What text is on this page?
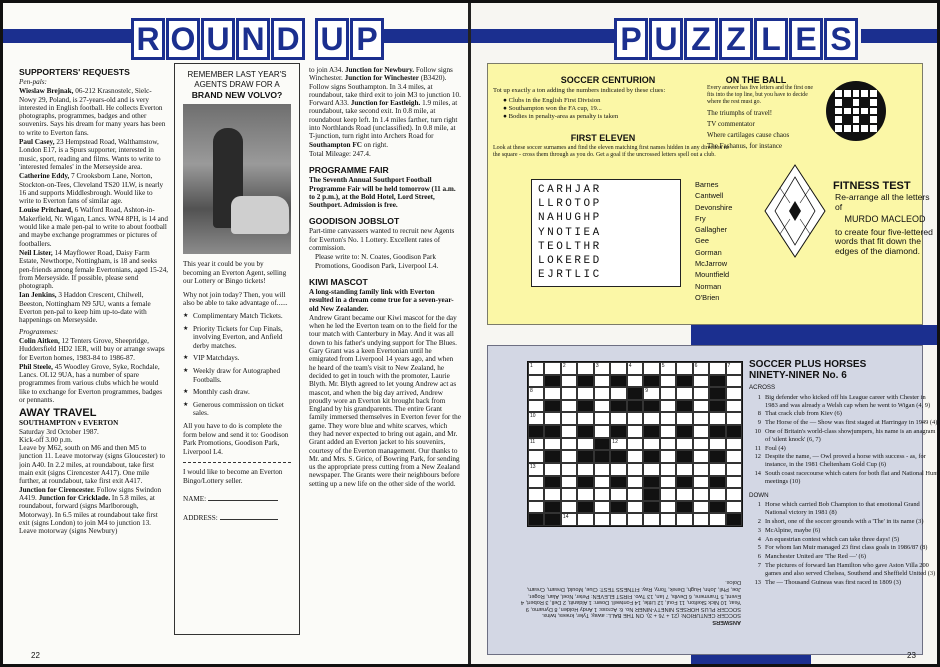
R O U N D U P
SUPPORTERS' REQUESTS

Pen-pals:

Wieslaw Brejnak, 06-212 Krasnostelc, Sielc-Nowy 29, Poland, is 27-years-old and is very interested in English football. He collects Everton photographs, programmes, badges and other souvenirs. Says his dream for many years has been to write to Everton fans.

Paul Casey, 23 Hempstead Road, Walthamstow, London E17, is a Spurs supporter, interested in music, sport, reading and films. Wants to write to 'interested females' in the Merseyside area.

Catherine Eddy, 7 Crooksborn Lane, Norton, Stockton-on-Tees, Cleveland TS20 1LW, is nearly 16 and supports Middlesbrough. Would like to write to Everton fans of similar age.

Louise Pritchard, 6 Walford Road, Ashton-in-Makerfield, Nr. Wigan, Lancs. WN4 8PH, is 14 and would like a male pen-pal to write to about football and maybe exchange programmes or pictures of footballers.

Neil Lister, 14 Mayflower Road, Daisy Farm Estate, Newthorpe, Nottingham, is 18 and seeks pen-friends among female Evertonians, aged 15-24, from Merseyside. If possible, please send photograph.

Ian Jenkins, 3 Haddon Crescent, Chilwell, Beeston, Nottingham N9 5JU, wants a female Everton pen-pal to keep him up-to-date with happenings on Merseyside.

Programmes:

Colin Aitken, 12 Tenters Grove, Sheepridge, Huddersfield HD2 1ER, will buy or arrange swaps for Everton homes, 1983-84 to 1986-87.

Phil Steele, 45 Woodley Grove, Syke, Rochdale, Lancs. OL12 9UA, has a number of spare programmes from various clubs which he would like to exchange for Everton programmes, badges or pennants.

AWAY TRAVEL

SOUTHAMPTON v EVERTON

Saturday 3rd October 1987.

Kick-off 3.00 p.m.

Leave by M62, south on M6 and then M5 to junction 11. Leave motorway (signs Gloucester) to join A40. In 2.2 miles, at roundabout, take first main exit (signs Cirencester A417). One mile further, at roundabout, take first exit A417. Junction for Cirencester. Follow signs Swindon A419. Junction for Cricklade. In 5.8 miles, at roundabout, forward (signs Marlborough, Motorway). In 6.5 miles at roundabout take first exit (signs London) to join M4 to junction 13. Leave motorway (signs Newbury)

REMEMBER LAST YEAR'S
AGENTS DRAW FOR A
BRAND NEW VOLVO?

This year it could be you by becoming an Everton Agent, selling our Lottery or Bingo tickets!

Why not join today? Then, you will also be able to take advantage of......

★ Complimentary Match Tickets.
★ Priority Tickets for Cup Finals, involving Everton, and Anfield derby matches.
★ VIP Matchdays.
★ Weekly draw for Autographed Footballs.
★ Monthly cash draw.
★ Generous commission on ticket sales.

All you have to do is complete the form below and send it to: Goodison Park Promotions, Goodison Park, Liverpool L4.

I would like to become an Everton Bingo/Lottery seller.

NAME:

ADDRESS:

to join A34. Junction for Newbury. Follow signs Winchester. Junction for Winchester (B3420). Follow signs Southampton. In 3.4 miles, at roundabout, take third exit to join M3 to junction 10. Forward A33. Junction for Eastleigh. 1.9 miles, at roundabout, take second exit. In 0.8 mile, at roundabout keep left. In 1.4 miles farther, turn right into Northlands Road (unclassified). In 0.8 mile, at T-junction, turn right into Archers Road for Southampton FC on right.

Total Mileage: 247.4.

PROGRAMME FAIR

The Seventh Annual Southport Football Programme Fair will be held tomorrow (11 a.m. to 2 p.m.), at the Bold Hotel, Lord Street, Southport. Admission is free.

GOODISON JOBSLOT

Part-time canvassers wanted to recruit new Agents for Everton's No. 1 Lottery. Excellent rates of commission.

Please write to: N. Coates, Goodison Park Promotions, Goodison Park, Liverpool L4.

KIWI MASCOT

A long-standing family link with Everton resulted in a dream come true for a seven-year-old New Zealander.

Andrew Grant became our Kiwi mascot for the day when he led the Everton team on to the field for the tour match with Canterbury in May. And it was all down to his father's undying support for The Blues. Gary Grant was a keen Evertonian until he emigrated from Liverpool 14 years ago, and when he heard of the team's visit to New Zealand, he decided to get in touch with the promoter, Laurie Blyth. Mr. Blyth agreed to let young Andrew act as mascot, and when the big day arrived, Andrew proudly wore an Everton kit brought back from England by his grandparents. The entire Grant family immersed themselves in Everton fever for the game. They wore blue and white scarves, which they had never expected to bring out again, and Mr. Grant added an Everton jacket to his souvenirs, courtesy of the Everton management. Our thanks to Mr. and Mrs. S. Grice, of Bowring Park, for sending us the appropriate press cutting from a New Zealand newspaper. The Grants were their neighbours before setting up a new life on the other side of the world.

22
P U Z Z L E S
SOCCER CENTURION
Tot up exactly a ton adding the numbers indicated by these clues:
● Clubs in the English First Division
● Southampton won the FA cup, 19...
● Bodies in penalty-area as penalty is taken
ON THE BALL
Every answer has five letters and the first one fits into the top line, but you have to decide where the rest must go.
The triumphs of travel!
TV commentator
Where cartilages cause chaos
The Fashanus, for instance
FIRST ELEVEN
Look at these soccer surnames and find the eleven matching first names hidden in any direction in the square - cross them through as you do. Get a goal if the uncrossed letters spell out a club.
CARHJAR
LLROTOP
NAHUGHP
YNOTIEA
TEOLTHR
LOKERED
EJRTLIC
Barnes
Cantwell
Devonshire
Fry
Gallagher
Gee
Gorman
McJarrow
Mountfield
Norman
O'Brien
FITNESS TEST
Re-arrange all the letters of
MURDO MACLEOD
to create four five-lettered words that fit down the edges of the diamond.
1	2	3	4	5	6	7
8	9
10
11	12
13
14
ANSWERS
SOCCER CENTURION: (21 + 76 + 3). ON THE BALL: away, Tyler, knees, twins. SOCCER PLUS HORSES NINETY-NINER No. 6: Across: 1 Andy Holden, 8 Dynamo, 9 Year, 10 Nick Skelton, 11 Foul, 12 Little, 14 Fontwell. Down: 1 Aldaniti, 2 Dell, 3 Robert, 4 Event, 5 Tranmere, 6 Devils, 7 Ian, 13 Two. FIRST ELEVEN: Peter, Noel, Alan, Roger, Joe, Phil, John, Hugh, Derek, Tony, Ray. FITNESS TEST: Clue, Mould, Dream, Cream, Dolce.
SOCCER PLUS HORSES NINETY-NINER No. 6
ACROSS
1 Big defender who kicked off his League career with Chester in 1983 and was already a Welsh cap when he went to Wigan (4, 9)
8 That crack club from Kiev (6)
9 The Horse of the — Show was first staged at Harringay in 1949 (4)
10 One of Britain's world-class showjumpers, his name is an anagram of 'silent knock' (6, 7)
11 Foul (4)
12 Despite the name, — Owl proved a horse with success - as, for instance, in the 1981 Cheltenham Gold Cup (6)
14 South coast racecourse which caters for both flat and National Hunt meetings (10)
DOWN
1 Horse which carried Bob Champion to that emotional Grand National victory in 1981 (8)
2 In short, one of the soccer grounds with a 'The' in its name (3)
3 McAlpine, maybe (6)
4 An equestrian contest which can take three days! (5)
5 For whom Ian Muir managed 23 first class goals in 1986/87 (8)
6 Manchester United are 'The Red —' (6)
7 The pictures of forward Ian Hamilton who gave Aston Villa 200 games and also served Chelsea, Southend and Sheffield United (3)
13 The — Thousand Guineas was first raced in 1809 (3)
23
